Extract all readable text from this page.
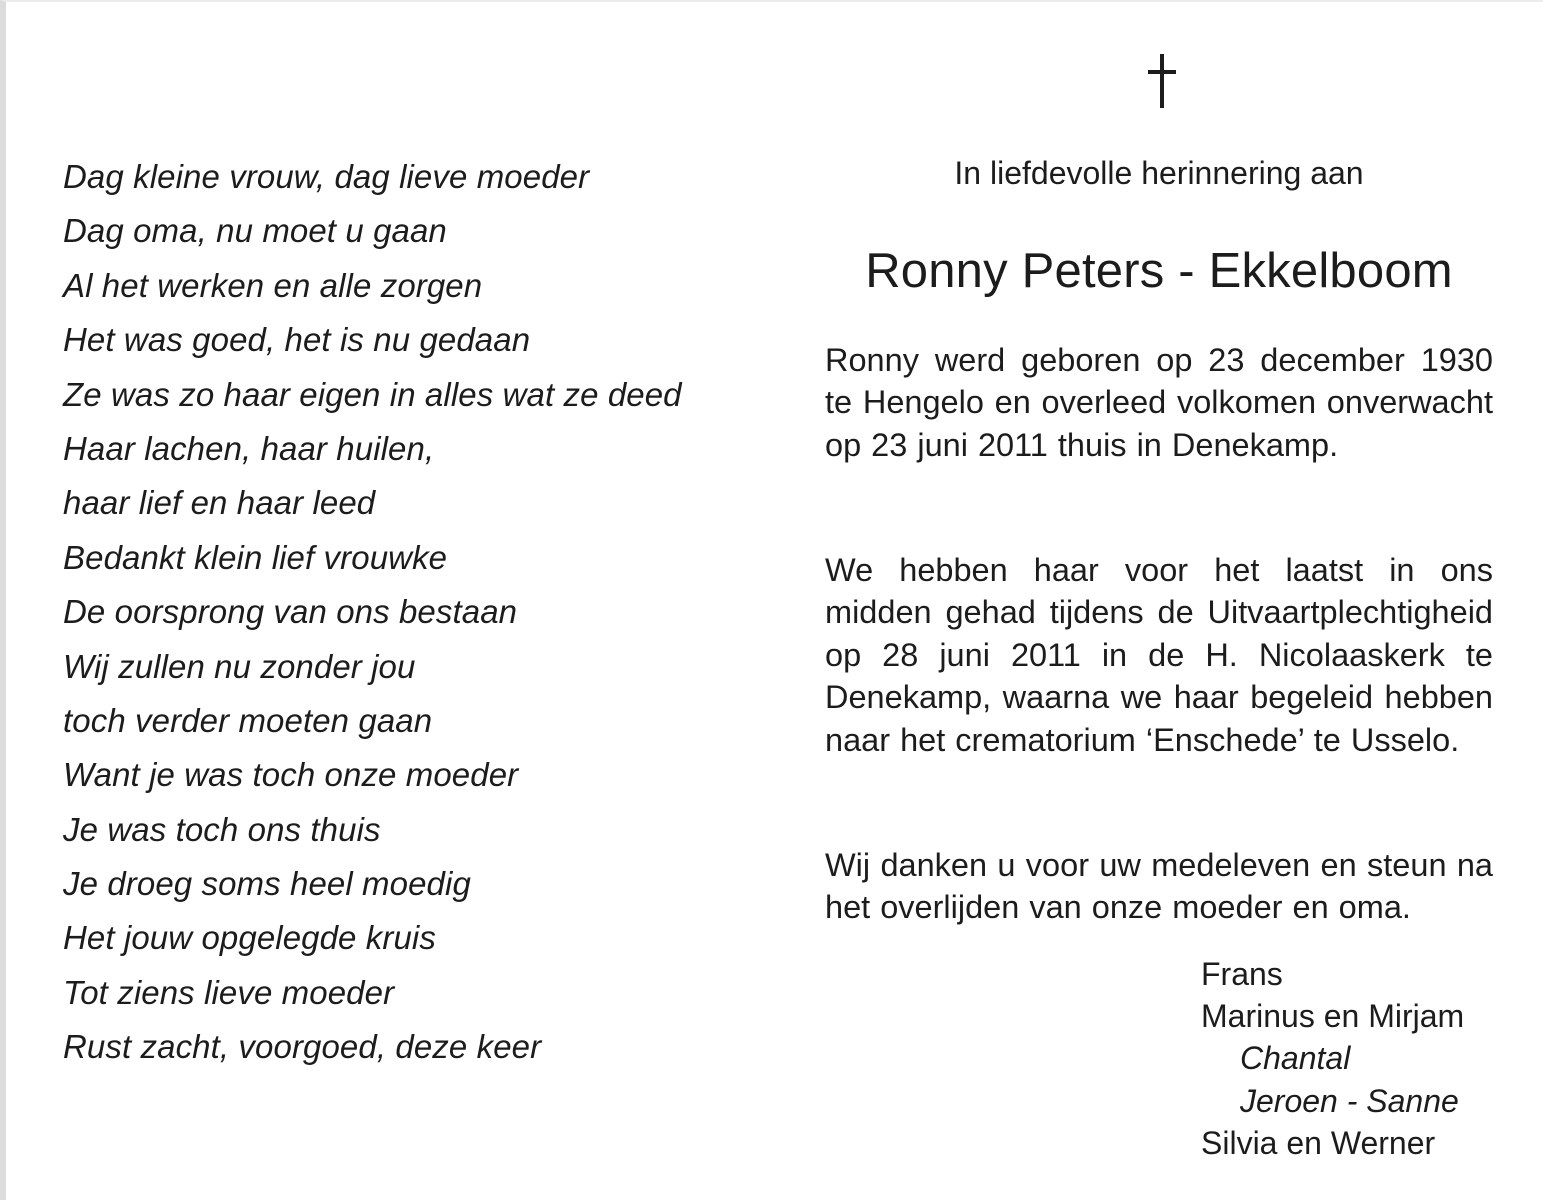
Dag kleine vrouw, dag lieve moeder
Dag oma, nu moet u gaan
Al het werken en alle zorgen
Het was goed, het is nu gedaan
Ze was zo haar eigen in alles wat ze deed
Haar lachen, haar huilen,
haar lief en haar leed
Bedankt klein lief vrouwke
De oorsprong van ons bestaan
Wij zullen nu zonder jou
toch verder moeten gaan
Want je was toch onze moeder
Je was toch ons thuis
Je droeg soms heel moedig
Het jouw opgelegde kruis
Tot ziens lieve moeder
Rust zacht, voorgoed, deze keer
In liefdevolle herinnering aan
Ronny Peters - Ekkelboom

Ronny werd geboren op 23 december 1930 te Hengelo en overleed volkomen onverwacht op 23 juni 2011 thuis in Denekamp.

We hebben haar voor het laatst in ons midden gehad tijdens de Uitvaartplechtigheid op 28 juni 2011 in de H. Nicolaaskerk te Denekamp, waarna we haar begeleid hebben naar het crematorium ‘Enschede’ te Usselo.

Wij danken u voor uw medeleven en steun na het overlijden van onze moeder en oma.

Frans
Marinus en Mirjam
Chantal
Jeroen - Sanne
Silvia en Werner
